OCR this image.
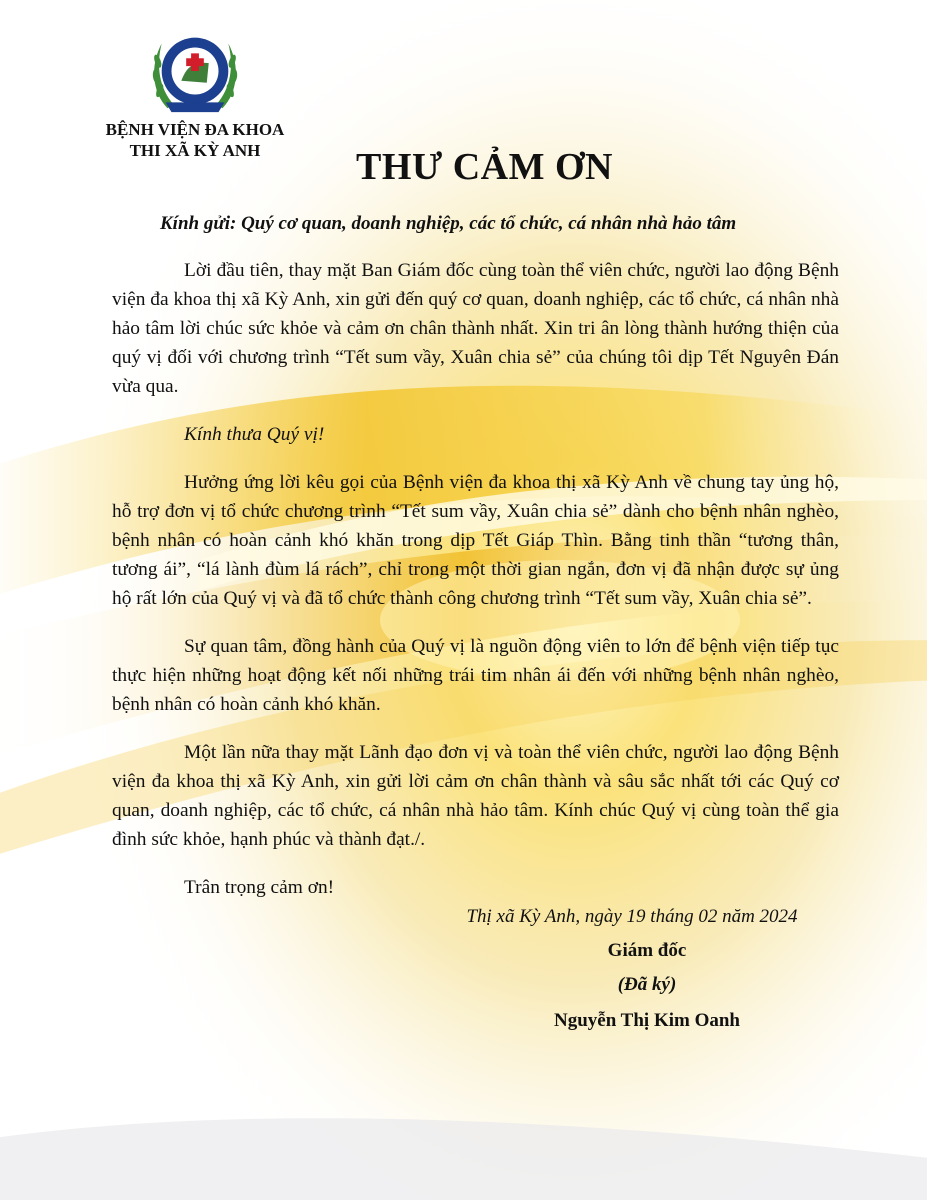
BỆNH VIỆN ĐA KHOA
THI XÃ KỲ ANH	THƯ CẢM ƠN
Kính gửi: Quý cơ quan, doanh nghiệp, các tổ chức, cá nhân nhà hảo tâm

Lời đầu tiên, thay mặt Ban Giám đốc cùng toàn thể viên chức, người lao động Bệnh viện đa khoa thị xã Kỳ Anh, xin gửi đến quý cơ quan, doanh nghiệp, các tổ chức, cá nhân nhà hảo tâm lời chúc sức khỏe và cảm ơn chân thành nhất. Xin tri ân lòng thành hướng thiện của quý vị đối với chương trình “Tết sum vầy, Xuân chia sẻ” của chúng tôi dịp Tết Nguyên Đán vừa qua.

Kính thưa Quý vị!

Hưởng ứng lời kêu gọi của Bệnh viện đa khoa thị xã Kỳ Anh về chung tay ủng hộ, hỗ trợ đơn vị tổ chức chương trình “Tết sum vầy, Xuân chia sẻ” dành cho bệnh nhân nghèo, bệnh nhân có hoàn cảnh khó khăn trong dịp Tết Giáp Thìn. Bằng tinh thần “tương thân, tương ái”, “lá lành đùm lá rách”, chỉ trong một thời gian ngắn, đơn vị đã nhận được sự ủng hộ rất lớn của Quý vị và đã tổ chức thành công chương trình “Tết sum vầy, Xuân chia sẻ”.

Sự quan tâm, đồng hành của Quý vị là nguồn động viên to lớn để bệnh viện tiếp tục thực hiện những hoạt động kết nối những trái tim nhân ái đến với những bệnh nhân nghèo, bệnh nhân có hoàn cảnh khó khăn.

Một lần nữa thay mặt Lãnh đạo đơn vị và toàn thể viên chức, người lao động Bệnh viện đa khoa thị xã Kỳ Anh, xin gửi lời cảm ơn chân thành và sâu sắc nhất tới các Quý cơ quan, doanh nghiệp, các tổ chức, cá nhân nhà hảo tâm. Kính chúc Quý vị cùng toàn thể gia đình sức khỏe, hạnh phúc và thành đạt./.

Trân trọng cảm ơn!

Thị xã Kỳ Anh, ngày 19 tháng 02 năm 2024
Giám đốc
(Đã ký)
Nguyễn Thị Kim Oanh
